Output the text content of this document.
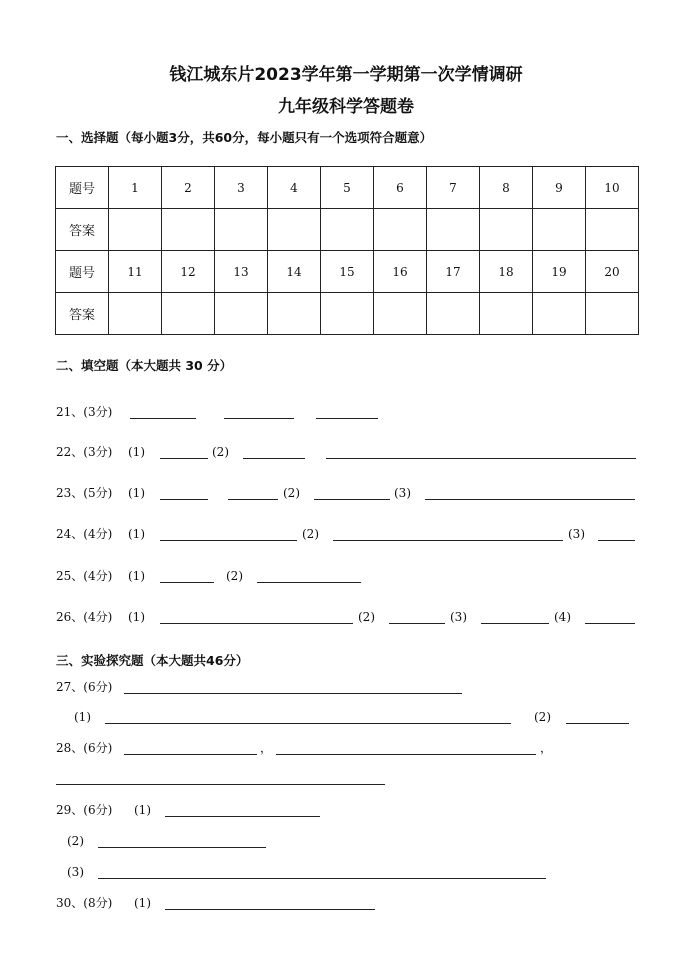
钱江城东片2023学年第一学期第一次学情调研
九年级科学答题卷
一、选择题（每小题3分，共60分，每小题只有一个选项符合题意）
题号	1	2	3	4	5	6	7	8	9	10
答案										
题号	11	12	13	14	15	16	17	18	19	20
答案										
二、填空题（本大题共 30 分）
21、(3分)
22、(3分) (1)	(2)
23、(5分) (1)	(2)	(3)
24、(4分) (1)	(2)	(3)
25、(4分) (1)	(2)
26、(4分) (1)	(2)	(3)	(4)
三、实验探究题（本大题共46分）
27、(6分)
(1)	(2)
28、(6分)	，	，
29、(6分) (1)
(2)
(3)
30、(8分) (1)
